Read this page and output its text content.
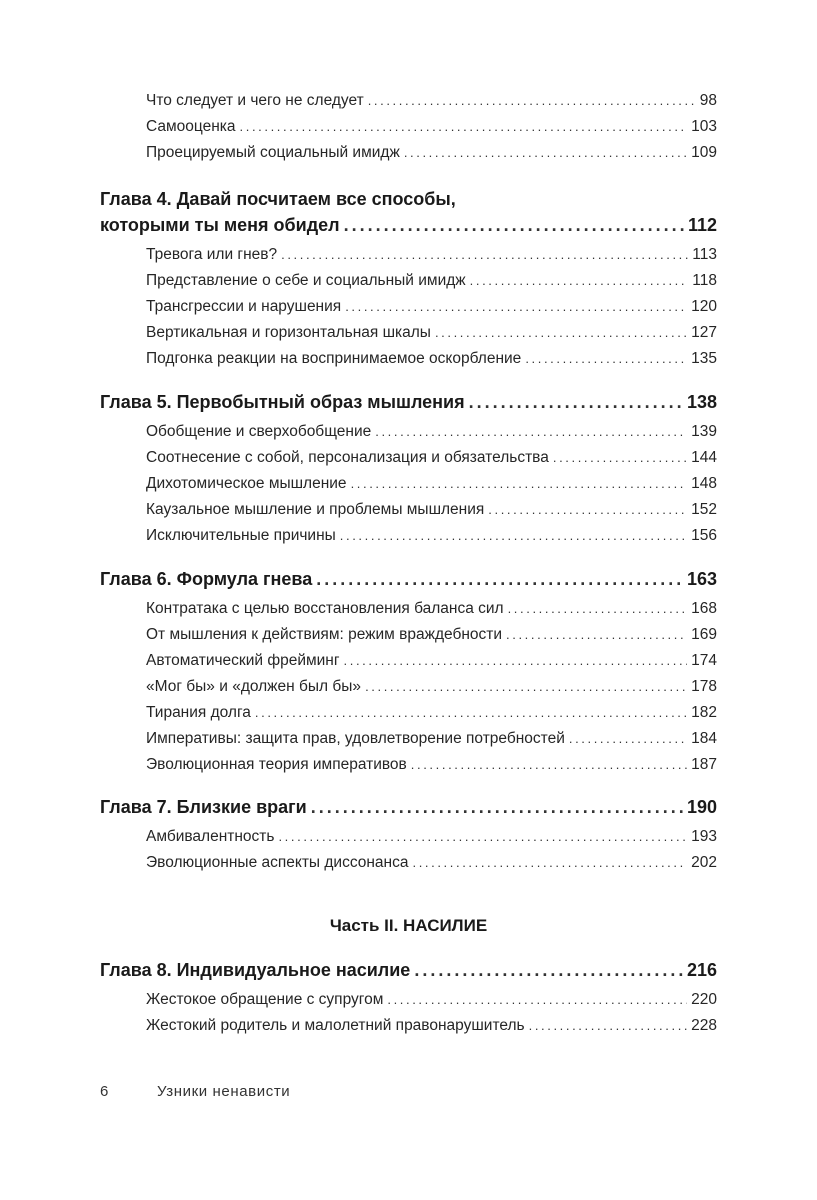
Что следует и чего не следует .....	98
Самооценка .....	103
Проецируемый социальный имидж .....	109
Глава 4. Давай посчитаем все способы,
которыми ты меня обидел .....	112
Тревога или гнев? .....	113
Представление о себе и социальный имидж .....	118
Трансгрессии и нарушения .....	120
Вертикальная и горизонтальная шкалы .....	127
Подгонка реакции на воспринимаемое оскорбление .....	135
Глава 5. Первобытный образ мышления .....	138
Обобщение и сверхобобщение .....	139
Соотнесение с собой, персонализация и обязательства .....	144
Дихотомическое мышление .....	148
Каузальное мышление и проблемы мышления .....	152
Исключительные причины .....	156
Глава 6. Формула гнева .....	163
Контратака с целью восстановления баланса сил .....	168
От мышления к действиям: режим враждебности .....	169
Автоматический фрейминг .....	174
«Мог бы» и «должен был бы» .....	178
Тирания долга .....	182
Императивы: защита прав, удовлетворение потребностей .....	184
Эволюционная теория императивов .....	187
Глава 7. Близкие враги .....	190
Амбивалентность .....	193
Эволюционные аспекты диссонанса .....	202
Часть II. НАСИЛИЕ
Глава 8. Индивидуальное насилие .....	216
Жестокое обращение с супругом .....	220
Жестокий родитель и малолетний правонарушитель .....	228
6	Узники ненависти
